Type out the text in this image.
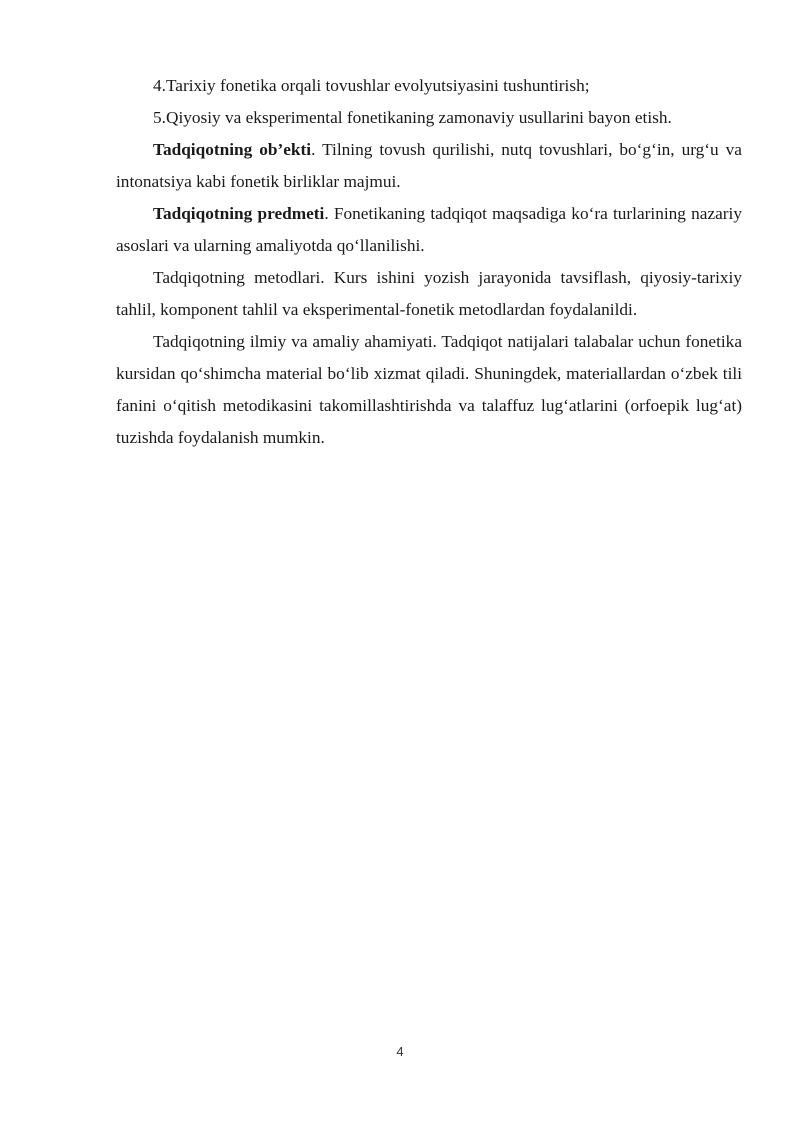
4.Tarixiy fonetika orqali tovushlar evolyutsiyasini tushuntirish;

5.Qiyosiy va eksperimental fonetikaning zamonaviy usullarini bayon etish.

Tadqiqotning ob’ekti. Tilning tovush qurilishi, nutq tovushlari, bo‘g‘in, urg‘u va intonatsiya kabi fonetik birliklar majmui.

Tadqiqotning predmeti. Fonetikaning tadqiqot maqsadiga ko‘ra turlarining nazariy asoslari va ularning amaliyotda qo‘llanilishi.

Tadqiqotning metodlari. Kurs ishini yozish jarayonida tavsiflash, qiyosiy-tarixiy tahlil, komponent tahlil va eksperimental-fonetik metodlardan foydalanildi.

Tadqiqotning ilmiy va amaliy ahamiyati. Tadqiqot natijalari talabalar uchun fonetika kursidan qo‘shimcha material bo‘lib xizmat qiladi. Shuningdek, materiallardan o‘zbek tili fanini o‘qitish metodikasini takomillashtirishda va talaffuz lug‘atlarini (orfoepik lug‘at) tuzishda foydalanish mumkin.

4
